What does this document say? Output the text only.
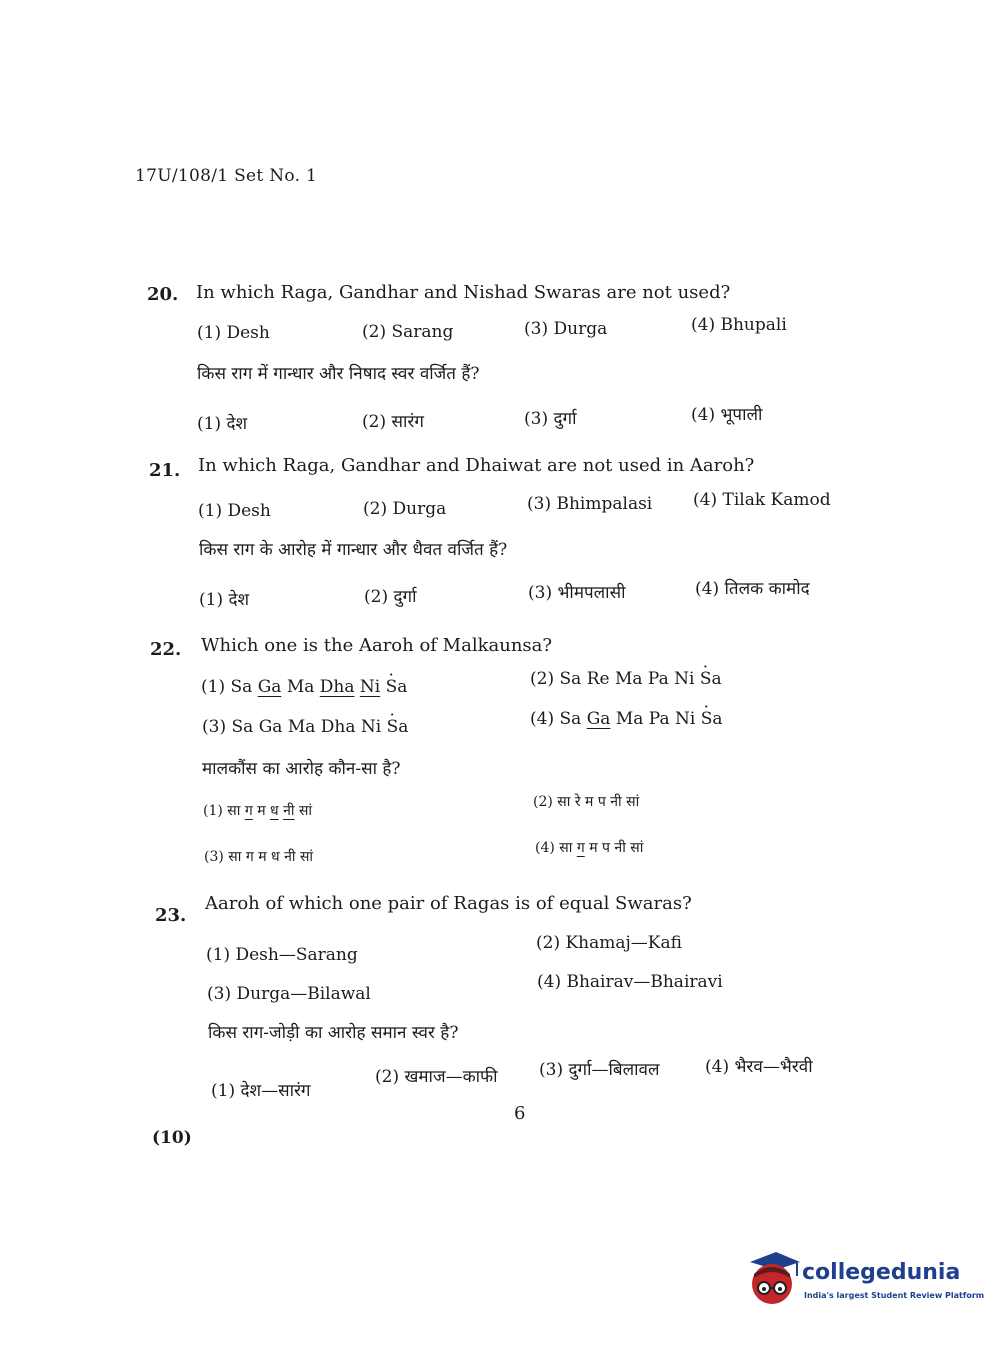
17U/108/1 Set No. 1
20. In which Raga, Gandhar and Nishad Swaras are not used?
(1) Desh	(2) Sarang	(3) Durga	(4) Bhupali
किस राग में गान्धार और निषाद स्वर वर्जित हैं?
(1) देश	(2) सारंग	(3) दुर्गा	(4) भूपाली
21. In which Raga, Gandhar and Dhaiwat are not used in Aaroh?
(1) Desh	(2) Durga	(3) Bhimpalasi (4) Tilak Kamod
किस राग के आरोह में गान्धार और धैवत वर्जित हैं?
(1) देश	(2) दुर्गा	(3) भीमपलासी	(4) तिलक कामोद
22. Which one is the Aaroh of Malkaunsa?
(1) Sa Ga Ma Dha Ni · Sa	(2) Sa Re Ma Pa Ni · Sa
(3) Sa Ga Ma Dha Ni · Sa	(4) Sa Ga Ma Pa Ni · Sa
मालकौंस का आरोह कौन-सा है?
(1) सा ग म ध नी सां
(2) सा रे म प नी सां
(3) सा ग म ध नी सां
(4) सा ग म प नी सां
23.
Aaroh of which one pair of Ragas is of equal Swaras?
(1) Desh—Sarang
(2) Khamaj—Kafi
(3) Durga—Bilawal
(4) Bhairav—Bhairavi
किस राग-जोड़ी का आरोह समान स्वर है?
(1) देश—सारंग
(2) खमाज—काफी (3) दुर्गा—बिलावल	(4) भैरव—भैरवी
6
(10)
collegedunia
India's largest Student Review Platform
